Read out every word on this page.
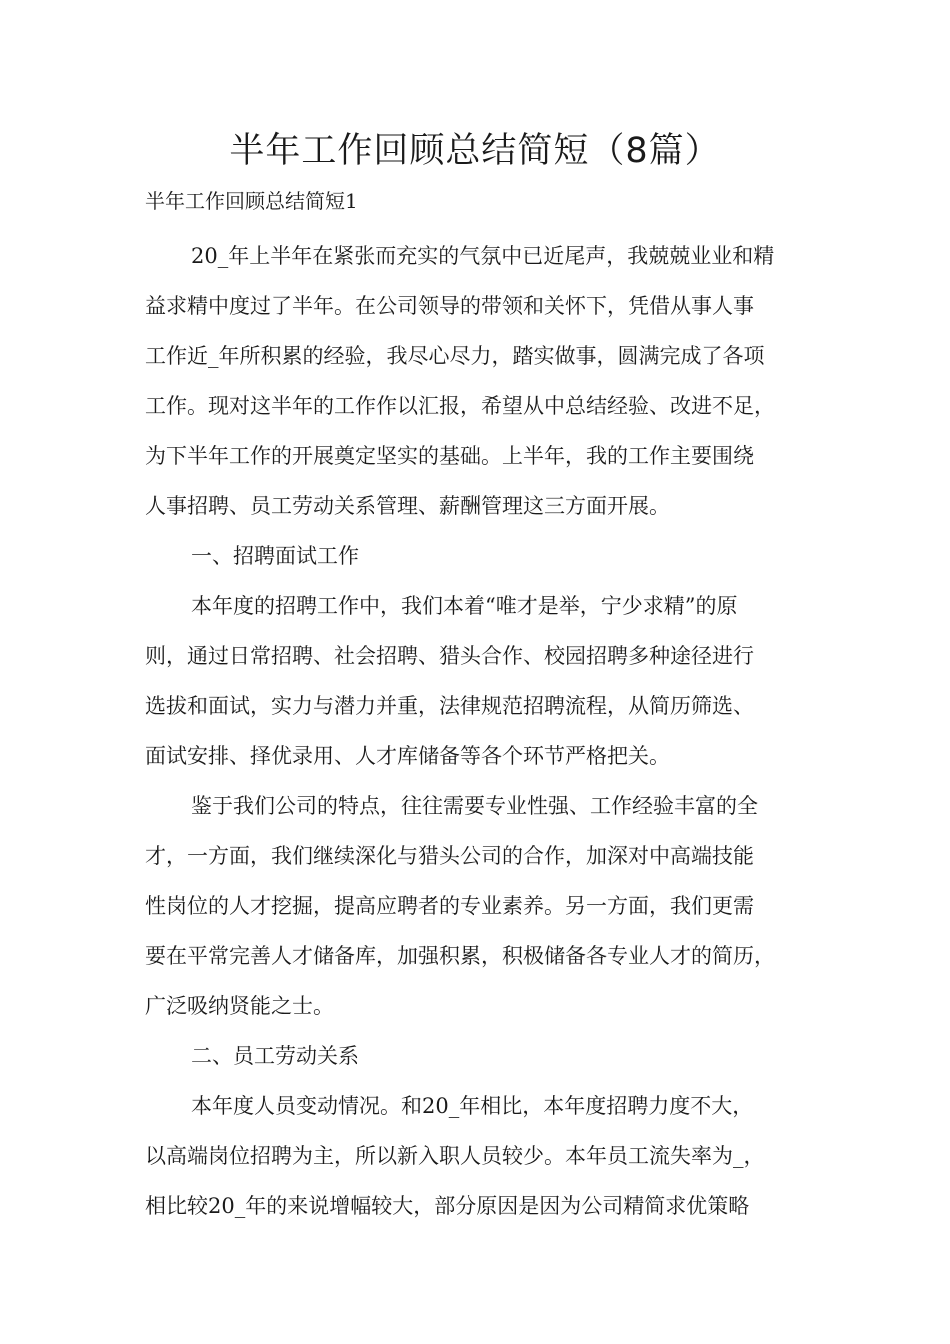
半年工作回顾总结简短（8篇）

半年工作回顾总结简短1

20_年上半年在紧张而充实的气氛中已近尾声，我兢兢业业和精
益求精中度过了半年。在公司领导的带领和关怀下，凭借从事人事
工作近_年所积累的经验，我尽心尽力，踏实做事，圆满完成了各项
工作。现对这半年的工作作以汇报，希望从中总结经验、改进不足，
为下半年工作的开展奠定坚实的基础。上半年，我的工作主要围绕
人事招聘、员工劳动关系管理、薪酬管理这三方面开展。
一、招聘面试工作
本年度的招聘工作中，我们本着“唯才是举，宁少求精”的原
则，通过日常招聘、社会招聘、猎头合作、校园招聘多种途径进行
选拔和面试，实力与潜力并重，法律规范招聘流程，从简历筛选、
面试安排、择优录用、人才库储备等各个环节严格把关。
鉴于我们公司的特点，往往需要专业性强、工作经验丰富的全
才，一方面，我们继续深化与猎头公司的合作，加深对中高端技能
性岗位的人才挖掘，提高应聘者的专业素养。另一方面，我们更需
要在平常完善人才储备库，加强积累，积极储备各专业人才的简历，
广泛吸纳贤能之士。
二、员工劳动关系
本年度人员变动情况。和20_年相比，本年度招聘力度不大，
以高端岗位招聘为主，所以新入职人员较少。本年员工流失率为_，
相比较20_年的来说增幅较大，部分原因是因为公司精简求优策略
